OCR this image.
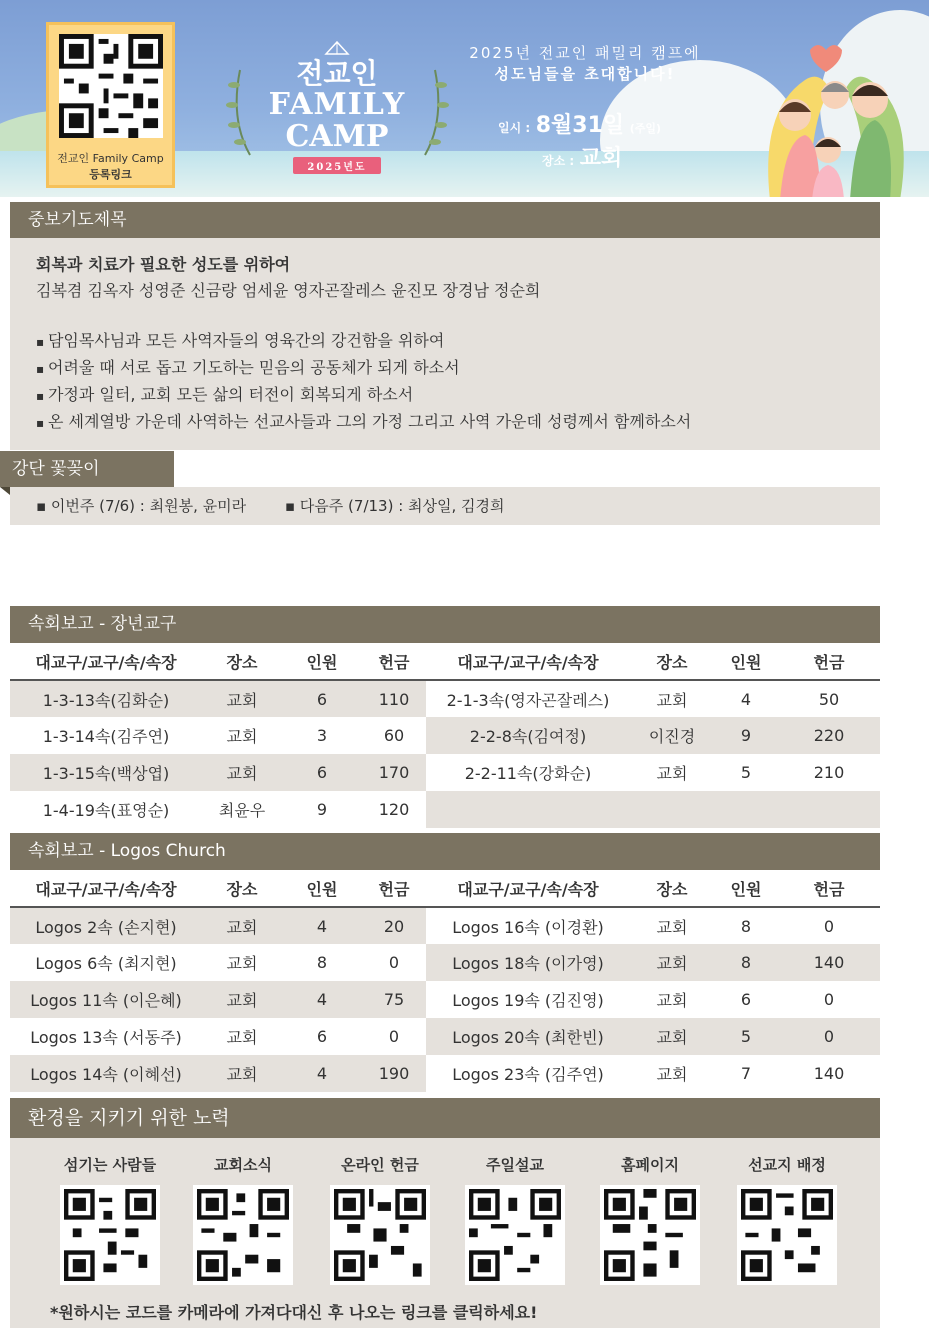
전교인 Family Camp
등록링크
전교인
FAMILY
CAMP
2025년도
2025년 전교인 패밀리 캠프에
성도님들을 초대합니다!
일시 : 8월31일 (주일)
장소 : 교회
중보기도제목
회복과 치료가 필요한 성도를 위하여
김복겸 김옥자 성영준 신금랑 엄세윤 영자곤잘레스 윤진모 장경남 정순희
▪ 담임목사님과 모든 사역자들의 영육간의 강건함을 위하여
▪ 어려울 때 서로 돕고 기도하는 믿음의 공동체가 되게 하소서
▪ 가정과 일터, 교회 모든 삶의 터전이 회복되게 하소서
▪ 온 세계열방 가운데 사역하는 선교사들과 그의 가정 그리고 사역 가운데 성령께서 함께하소서
강단 꽃꽂이
▪ 이번주 (7/6) : 최원봉, 윤미라	▪ 다음주 (7/13) : 최상일, 김경희
속회보고 - 장년교구
대교구/교구/속/속장	장소	인원	헌금	대교구/교구/속/속장	장소	인원	헌금
1-3-13속(김화순)	교회	6	110	2-1-3속(영자곤잘레스)	교회	4	50
1-3-14속(김주연)	교회	3	60	2-2-8속(김여정)	이진경	9	220
1-3-15속(백상엽)	교회	6	170	2-2-11속(강화순)	교회	5	210
1-4-19속(표영순)	최윤우	9	120				
속회보고 - Logos Church
대교구/교구/속/속장	장소	인원	헌금	대교구/교구/속/속장	장소	인원	헌금
Logos 2속 (손지현)	교회	4	20	Logos 16속 (이경환)	교회	8	0
Logos 6속 (최지현)	교회	8	0	Logos 18속 (이가영)	교회	8	140
Logos 11속 (이은혜)	교회	4	75	Logos 19속 (김진영)	교회	6	0
Logos 13속 (서동주)	교회	6	0	Logos 20속 (최한빈)	교회	5	0
Logos 14속 (이혜선)	교회	4	190	Logos 23속 (김주연)	교회	7	140
환경을 지키기 위한 노력
섬기는 사람들	교회소식	온라인 헌금	주일설교	홈페이지	선교지 배정
*원하시는 코드를 카메라에 가져다대신 후 나오는 링크를 클릭하세요!
